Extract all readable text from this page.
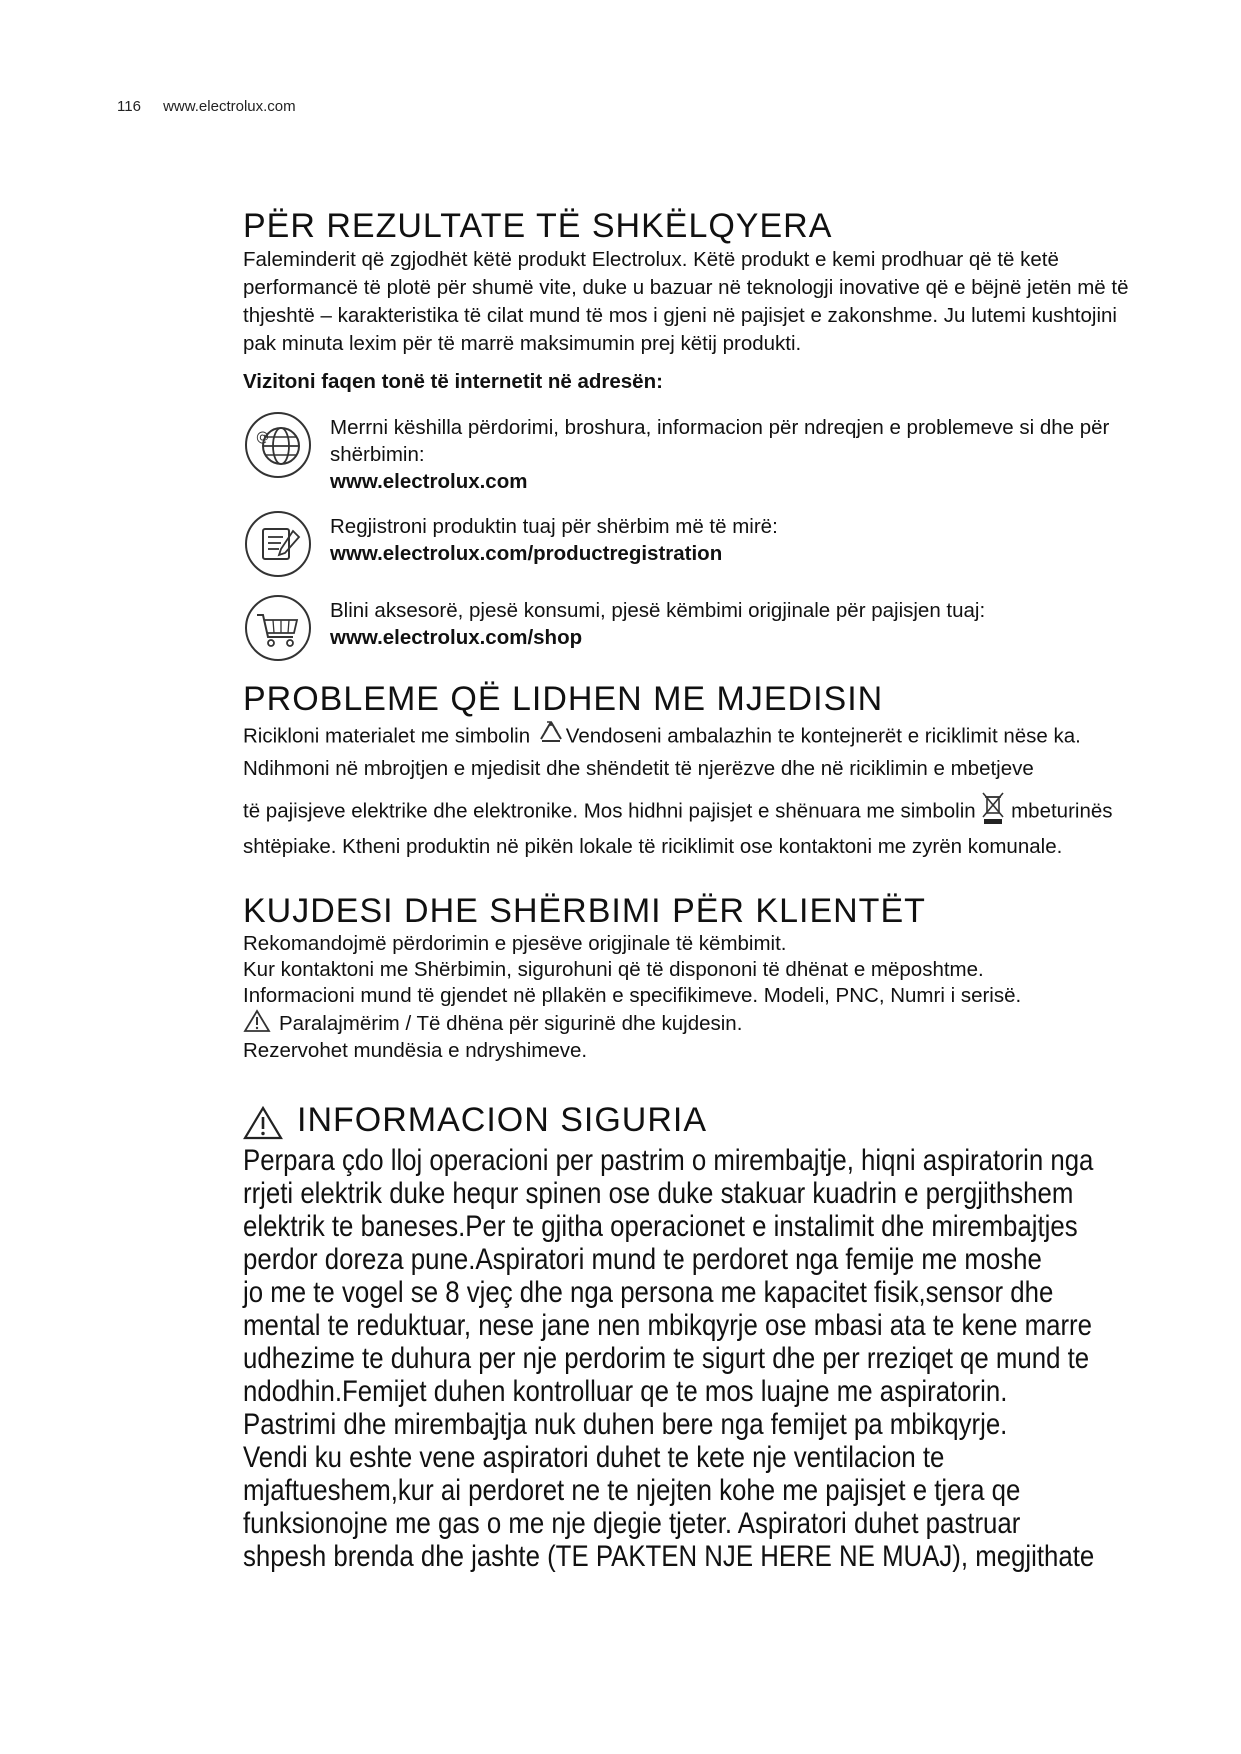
116 www.electrolux.com
PËR REZULTATE TË SHKËLQYERA

Faleminderit që zgjodhët këtë produkt Electrolux. Këtë produkt e kemi prodhuar që të ketë performancë të plotë për shumë vite, duke u bazuar në teknologji inovative që e bëjnë jetën më të thjeshtë – karakteristika të cilat mund të mos i gjeni në pajisjet e zakonshme. Ju lutemi kushtojini pak minuta lexim për të marrë maksimumin prej këtij produkti.

Vizitoni faqen tonë të internetit në adresën:

@	Merrni këshilla përdorimi, broshura, informacion për ndreqjen e problemeve si dhe për shërbimin:

www.electrolux.com

Regjistroni produktin tuaj për shërbim më të mirë:

www.electrolux.com/productregistration

Blini aksesorë, pjesë konsumi, pjesë këmbimi origjinale për pajisjen tuaj:

www.electrolux.com/shop

PROBLEME QË LIDHEN ME MJEDISIN

Riciklоni materialet me simbolin Vendoseni ambalazhin te kontejnerët e riciklimit nëse ka.

Ndihmoni në mbrojtjen e mjedisit dhe shëndetit të njerëzve dhe në riciklimin e mbetjeve

të pajisjeve elektrike dhe elektronike. Mos hidhni pajisjet e shënuara me simbolin mbeturinës shtëpiake. Ktheni produktin në pikën lokale të riciklimit ose kontaktoni me zyrën komunale.

KUJDESI DHE SHËRBIMI PËR KLIENTËT

Rekomandojmë përdorimin e pjesëve origjinale të këmbimit.

Kur kontaktoni me Shërbimin, sigurohuni që të dispononi të dhënat e mëposhtme.

Informacioni mund të gjendet në pllakën e specifikimeve. Modeli, PNC, Numri i serisë.

Paralajmërim / Të dhëna për sigurinë dhe kujdesin.

Rezervohet mundësia e ndryshimeve.

INFORMACION SIGURIA

Perpara çdo lloj operacioni per pastrim o mirembajtje, hiqni aspiratorin nga

rrjeti elektrik duke hequr spinen ose duke stakuar kuadrin e pergjithshem

elektrik te baneses.Per te gjitha operacionet e instalimit dhe mirembajtjes

perdor doreza pune.Aspiratori mund te perdoret nga femije me moshe

jo me te vogel se 8 vjeç dhe nga persona me kapacitet fisik,sensor dhe

mental te reduktuar, nese jane nen mbikqyrje ose mbasi ata te kene marre

udhezime te duhura per nje perdorim te sigurt dhe per rreziqet qe mund te

ndodhin.Femijet duhen kontrolluar qe te mos luajne me aspiratorin.

Pastrimi dhe mirembajtja nuk duhen bere nga femijet pa mbikqyrje.

Vendi ku eshte vene aspiratori duhet te kete nje ventilacion te

mjaftueshem,kur ai perdoret ne te njejten kohe me pajisjet e tjera qe

funksionojne me gas o me nje djegie tjeter. Aspiratori duhet pastruar

shpesh brenda dhe jashte (TE PAKTEN NJE HERE NE MUAJ), megjithate
